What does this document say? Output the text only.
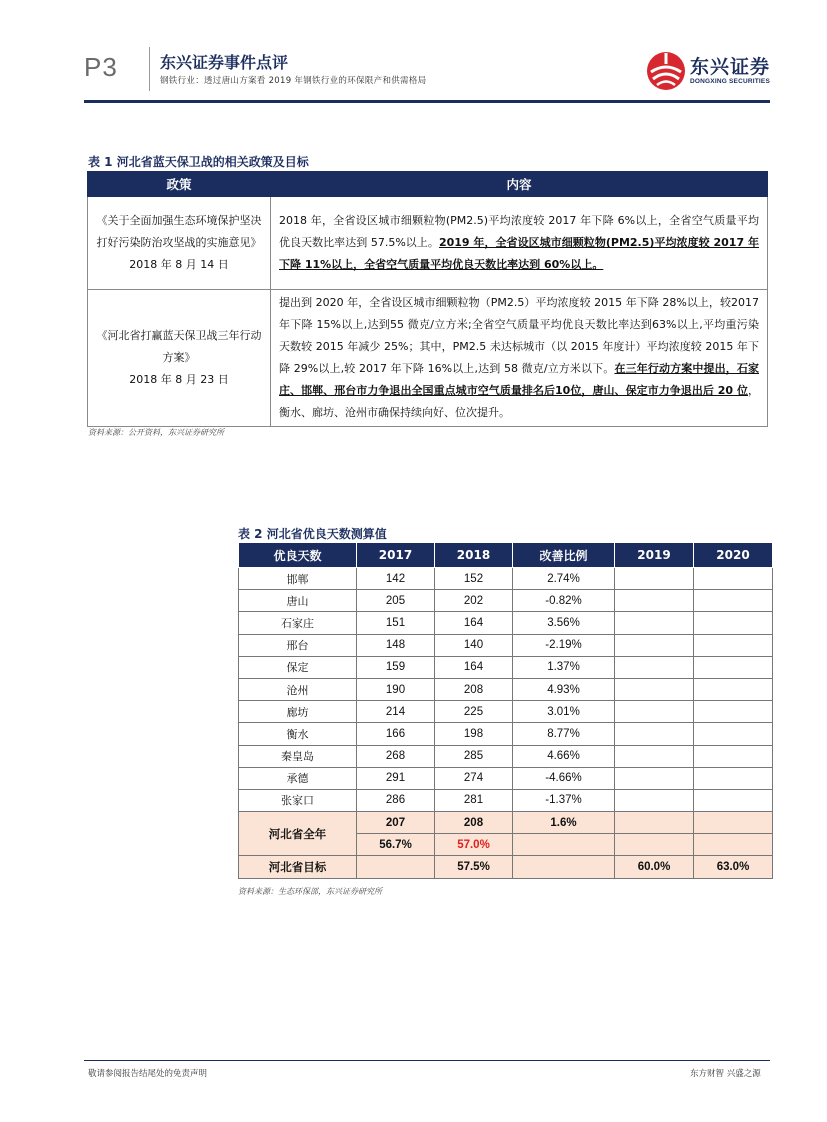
P3	东兴证券事件点评
钢铁行业：透过唐山方案看 2019 年钢铁行业的环保限产和供需格局
东兴证券
DONGXING SECURITIES
表 1 河北省蓝天保卫战的相关政策及目标
政策	内容

《关于全面加强生态环境保护坚决打好污染防治攻坚战的实施意见》
2018 年 8 月 14 日	2018 年，全省设区城市细颗粒物(PM2.5)平均浓度较 2017 年下降 6%以上，全省空气质量平均优良天数比率达到 57.5%以上。2019 年，全省设区城市细颗粒物(PM2.5)平均浓度较 2017 年下降 11%以上，全省空气质量平均优良天数比率达到 60%以上。

《河北省打赢蓝天保卫战三年行动方案》
2018 年 8 月 23 日	提出到 2020 年，全省设区城市细颗粒物（PM2.5）平均浓度较 2015 年下降 28%以上，较2017 年下降 15%以上,达到55 微克/立方米;全省空气质量平均优良天数比率达到63%以上,平均重污染天数较 2015 年减少 25%；其中，PM2.5 未达标城市（以 2015 年度计）平均浓度较 2015 年下降 29%以上,较 2017 年下降 16%以上,达到 58 微克/立方米以下。在三年行动方案中提出，石家庄、邯郸、邢台市力争退出全国重点城市空气质量排名后10位，唐山、保定市力争退出后 20 位，衡水、廊坊、沧州市确保持续向好、位次提升。
资料来源：公开资料，东兴证券研究所
表 2 河北省优良天数测算值
优良天数	2017	2018	改善比例	2019	2020
邯郸	142	152	2.74%		
唐山	205	202	-0.82%		
石家庄	151	164	3.56%		
邢台	148	140	-2.19%		
保定	159	164	1.37%		
沧州	190	208	4.93%		
廊坊	214	225	3.01%		
衡水	166	198	8.77%		
秦皇岛	268	285	4.66%		
承德	291	274	-4.66%		
张家口	286	281	-1.37%		
河北省全年	207	208	1.6%		
	56.7%	57.0%			
河北省目标		57.5%		60.0%	63.0%
资料来源：生态环保部，东兴证券研究所
敬请参阅报告结尾处的免责声明	东方财智 兴盛之源
